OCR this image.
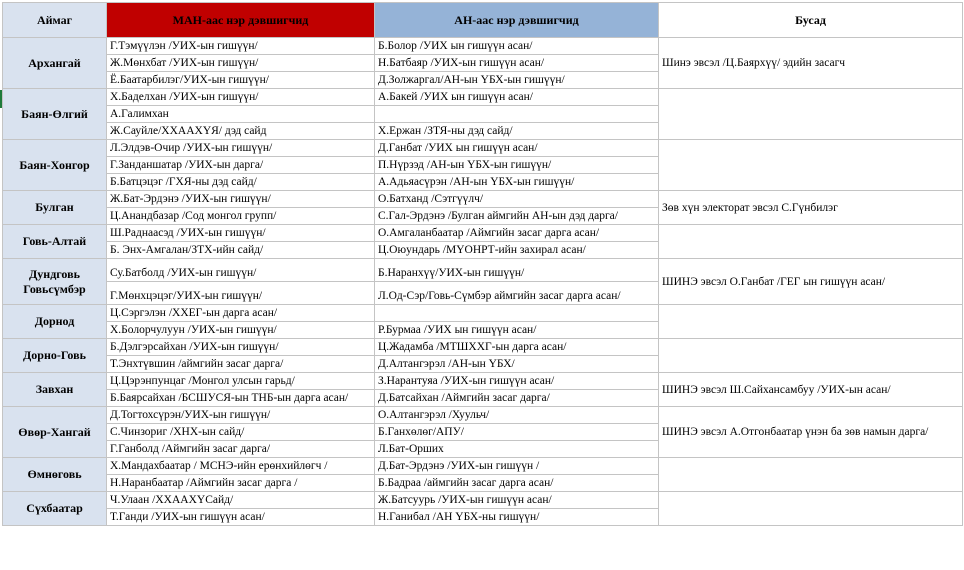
Аймаг	МАН-аас нэр дэвшигчид	АН-аас нэр дэвшигчид	Бусад
Архангай	Г.Тэмүүлэн /УИХ-ын гишүүн/	Б.Болор /УИХ ын гишүүн асан/	Шинэ эвсэл /Ц.Баярхүү/ эдийн засагч
	Ж.Мөнхбат /УИХ-ын гишүүн/	Н.Батбаяр /УИХ-ын гишүүн асан/	
	Ё.Баатарбилэг/УИХ-ын гишүүн/	Д.Золжаргал/АН-ын ҮБХ-ын гишүүн/	
Баян-Өлгий	Х.Баделхан /УИХ-ын гишүүн/	А.Бакей /УИХ ын гишүүн асан/	
	А.Галимхан		
	Ж.Сауйле/ХХААХҮЯ/ дэд сайд	Х.Ержан /ЗТЯ-ны дэд сайд/	
Баян-Хонгор	Л.Элдэв-Очир /УИХ-ын гишүүн/	Д.Ганбат /УИХ ын гишүүн асан/	
	Г.Занданшатар /УИХ-ын дарга/	П.Нүрзэд /АН-ын ҮБХ-ын гишүүн/	
	Б.Батцэцэг /ГХЯ-ны дэд сайд/	А.Адьяасүрэн /АН-ын ҮБХ-ын гишүүн/	
Булган	Ж.Бат-Эрдэнэ /УИХ-ын гишүүн/	О.Батханд /Сэтгүүлч/	Зөв хүн электорат эвсэл С.Гүнбилэг
	Ц.Анандбазар /Сод монгол групп/	С.Гал-Эрдэнэ /Булган аймгийн АН-ын дэд дарга/	
Говь-Алтай	Ш.Раднаасэд /УИХ-ын гишүүн/	О.Амгаланбаатар /Аймгийн засаг дарга асан/	
	Б. Энх-Амгалан/ЗТХ-ийн сайд/	Ц.Оюундарь /МҮОНРТ-ийн захирал асан/	
Дундговь Говьсүмбэр	Су.Батболд /УИХ-ын гишүүн/	Б.Наранхүү/УИХ-ын гишүүн/	ШИНЭ эвсэл О.Ганбат /ГЕГ ын гишүүн асан/
	Г.Мөнхцэцэг/УИХ-ын гишүүн/	Л.Од-Сэр/Говь-Сүмбэр аймгийн засаг дарга асан/	
Дорнод	Ц.Сэргэлэн /ХХЕГ-ын дарга асан/		
	Х.Болорчулуун /УИХ-ын гишүүн/	Р.Бурмаа /УИХ ын гишүүн асан/	
Дорно-Говь	Б.Дэлгэрсайхан /УИХ-ын гишүүн/	Ц.Жадамба /МТШХХГ-ын дарга асан/	
	Т.Энхтүвшин /аймгийн засаг дарга/	Д.Алтангэрэл /АН-ын ҮБХ/	
Завхан	Ц.Цэрэнпунцаг /Монгол улсын гарьд/	З.Нарантуяа /УИХ-ын гишүүн асан/	ШИНЭ эвсэл Ш.Сайхансамбуу /УИХ-ын асан/
	Б.Баярсайхан /БСШУСЯ-ын ТНБ-ын дарга асан/	Д.Батсайхан /Аймгийн засаг дарга/	
Өвөр-Хангай	Д.Тогтохсүрэн/УИХ-ын гишүүн/	О.Алтангэрэл /Хуульч/	ШИНЭ эвсэл А.Отгонбаатар үнэн ба зөв намын дарга/
	С.Чинзориг /ХНХ-ын сайд/	Б.Ганхөлөг/АПУ/	
	Г.Ганболд /Аймгийн засаг дарга/	Л.Бат-Орших	
Өмнөговь	Х.Мандахбаатар / МСНЭ-ийн ерөнхийлөгч /	Д.Бат-Эрдэнэ /УИХ-ын гишүүн /	
	Н.Наранбаатар /Аймгийн засаг дарга /	Б.Бадраа /аймгийн засаг дарга асан/	
Сүхбаатар	Ч.Улаан /ХХААХҮСайд/	Ж.Батсуурь /УИХ-ын гишүүн асан/	
	Т.Ганди /УИХ-ын гишүүн асан/	Н.Ганибал /АН ҮБХ-ны гишүүн/	
